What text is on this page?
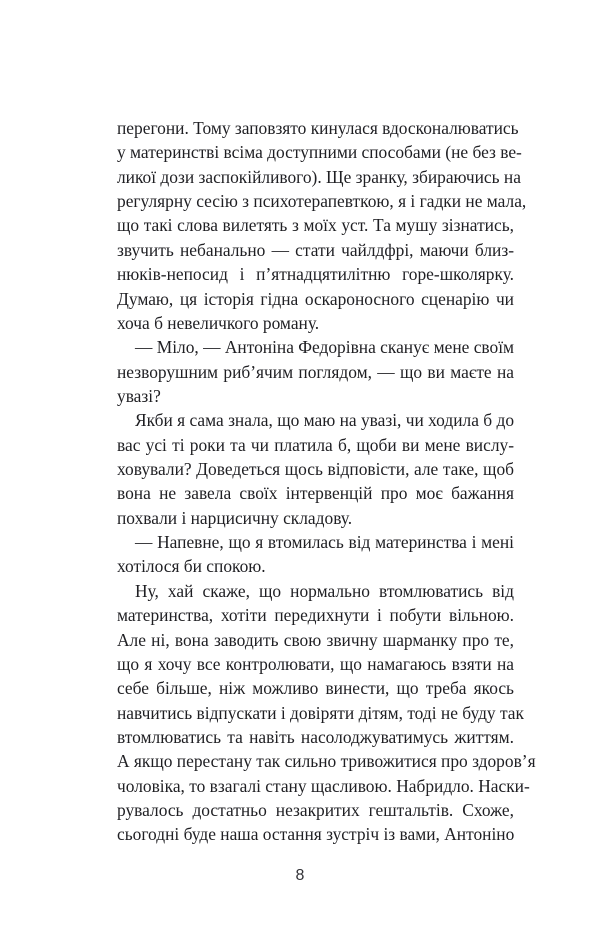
перегони. Тому заповзято кинулася вдосконалюватись
у материнстві всіма доступними способами (не без ве-
ликої дози заспокійливого). Ще зранку, збираючись на
регулярну сесію з психотерапевткою, я і гадки не мала,
що такі слова вилетять з моїх уст. Та мушу зізнатись,
звучить небанально — стати чайлдфрі, маючи близ-
нюків-непосид і п’ятнадцятилітню горе-школярку.
Думаю, ця історія гідна оскароносного сценарію чи
хоча б невеличкого роману.
— Міло, — Антоніна Федорівна сканує мене своїм
незворушним риб’ячим поглядом, — що ви маєте на
увазі?
Якби я сама знала, що маю на увазі, чи ходила б до
вас усі ті роки та чи платила б, щоби ви мене вислу-
ховували? Доведеться щось відповісти, але таке, щоб
вона не завела своїх інтервенцій про моє бажання
похвали і нарцисичну складову.
— Напевне, що я втомилась від материнства і мені
хотілося би спокою.
Ну, хай скаже, що нормально втомлюватись від
материнства, хотіти передихнути і побути вільною.
Але ні, вона заводить свою звичну шарманку про те,
що я хочу все контролювати, що намагаюсь взяти на
себе більше, ніж можливо винести, що треба якось
навчитись відпускати і довіряти дітям, тоді не буду так
втомлюватись та навіть насолоджуватимусь життям.
А якщо перестану так сильно тривожитися про здоров’я
чоловіка, то взагалі стану щасливою. Набридло. Наски-
рувалось достатньо незакритих гештальтів. Схоже,
сьогодні буде наша остання зустріч із вами, Антоніно
8
